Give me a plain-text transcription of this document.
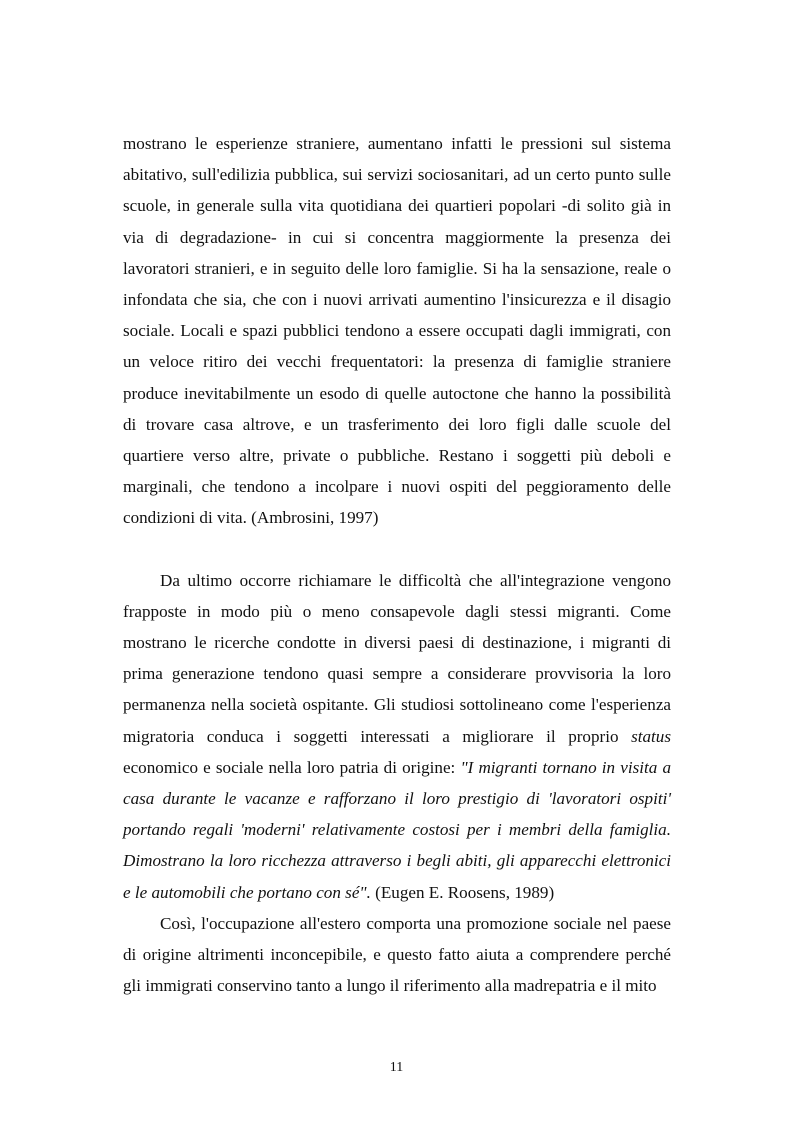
mostrano le esperienze straniere, aumentano infatti le pressioni sul sistema abitativo, sull'edilizia pubblica, sui servizi sociosanitari, ad un certo punto sulle scuole, in generale sulla vita quotidiana dei quartieri popolari -di solito già in via di degradazione- in cui si concentra maggiormente la presenza dei lavoratori stranieri, e in seguito delle loro famiglie. Si ha la sensazione, reale o infondata che sia, che con i nuovi arrivati aumentino l'insicurezza e il disagio sociale. Locali e spazi pubblici tendono a essere occupati dagli immigrati, con un veloce ritiro dei vecchi frequentatori: la presenza di famiglie straniere produce inevitabilmente un esodo di quelle autoctone che hanno la possibilità di trovare casa altrove, e un trasferimento dei loro figli dalle scuole del quartiere verso altre, private o pubbliche. Restano i soggetti più deboli e marginali, che tendono a incolpare i nuovi ospiti del peggioramento delle condizioni di vita. (Ambrosini, 1997)

Da ultimo occorre richiamare le difficoltà che all'integrazione vengono frapposte in modo più o meno consapevole dagli stessi migranti. Come mostrano le ricerche condotte in diversi paesi di destinazione, i migranti di prima generazione tendono quasi sempre a considerare provvisoria la loro permanenza nella società ospitante. Gli studiosi sottolineano come l'esperienza migratoria conduca i soggetti interessati a migliorare il proprio status economico e sociale nella loro patria di origine: "I migranti tornano in visita a casa durante le vacanze e rafforzano il loro prestigio di 'lavoratori ospiti' portando regali 'moderni' relativamente costosi per i membri della famiglia. Dimostrano la loro ricchezza attraverso i begli abiti, gli apparecchi elettronici e le automobili che portano con sé". (Eugen E. Roosens, 1989)

Così, l'occupazione all'estero comporta una promozione sociale nel paese di origine altrimenti inconcepibile, e questo fatto aiuta a comprendere perché gli immigrati conservino tanto a lungo il riferimento alla madrepatria e il mito

11
